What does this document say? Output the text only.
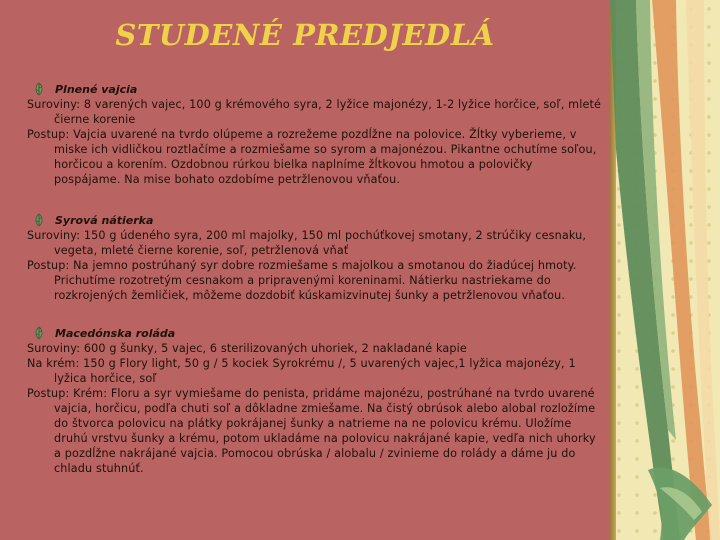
STUDENÉ PREDJEDLÁ
Plnené vajcia

Suroviny: 8 varených vajec, 100 g krémového syra, 2 lyžice majonézy, 1-2 lyžice horčice, soľ, mleté čierne korenie

Postup: Vajcia uvarené na tvrdo olúpeme a rozrežeme pozdĺžne na polovice. Žĺtky vyberieme, v miske ich vidličkou roztlačíme a rozmiešame so syrom a majonézou. Pikantne ochutíme soľou, horčicou a korením. Ozdobnou rúrkou bielka naplníme žĺtkovou hmotou a polovičky pospájame. Na mise bohato ozdobíme petržlenovou vňaťou.

Syrová nátierka

Suroviny: 150 g údeného syra, 200 ml majolky, 150 ml pochúťkovej smotany, 2 strúčiky cesnaku, vegeta, mleté čierne korenie, soľ, petržlenová vňať

Postup: Na jemno postrúhaný syr dobre rozmiešame s majolkou a smotanou do žiadúcej hmoty. Prichutíme rozotretým cesnakom a pripravenými koreninami. Nátierku nastriekame do rozkrojených žemličiek, môžeme dozdobiť kúskamizvinutej šunky a petržlenovou vňaťou.

Macedónska roláda

Suroviny: 600 g šunky, 5 vajec, 6 sterilizovaných uhoriek, 2 nakladané kapie

Na krém: 150 g Flory light, 50 g / 5 kociek Syrokrému /, 5 uvarených vajec,1 lyžica majonézy, 1 lyžica horčice, soľ

Postup: Krém: Floru a syr vymiešame do penista, pridáme majonézu, postrúhané na tvrdo uvarené vajcia, horčicu, podľa chuti soľ a dôkladne zmiešame. Na čistý obrúsok alebo alobal rozložíme do štvorca polovicu na plátky pokrájanej šunky a natrieme na ne polovicu krému. Uložíme druhú vrstvu šunky a krému, potom ukladáme na polovicu nakrájané kapie, vedľa nich uhorky a pozdĺžne nakrájané vajcia. Pomocou obrúska / alobalu / zvinieme do rolády a dáme ju do chladu stuhnúť.
